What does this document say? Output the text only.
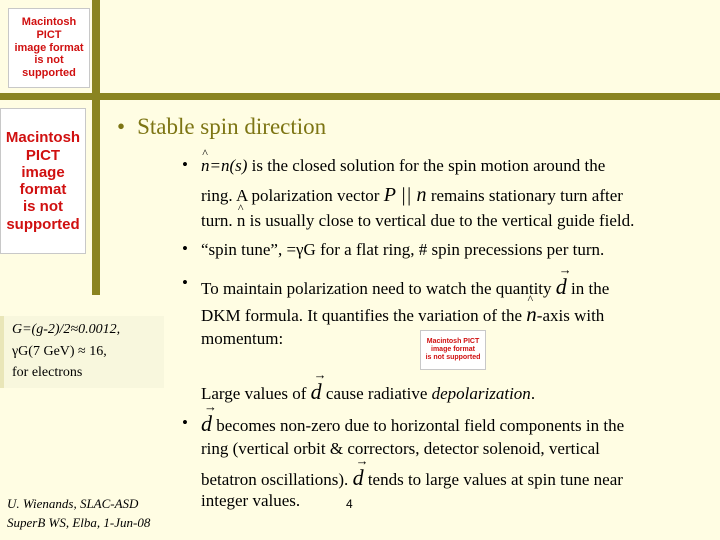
Macintosh PICT
image format
is not supported
Macintosh PICT
image format
is not supported
G=(g-2)/2≈0.0012,
γG(7 GeV) ≈ 16,
for electrons
• Stable spin direction
• ^ n=n(s) is the closed solution for the spin motion around the
ring. A polarization vector P || n remains stationary turn after
turn. ^ n is usually close to vertical due to the vertical guide field.
• “spin tune”, =γG for a flat ring, # spin precessions per turn.
• To maintain polarization need to watch the quantity → d in the
DKM formula. It quantifies the variation of the ^ n-axis with
momentum:	Macintosh PICT
image format
is not supported
Large values of → d cause radiative depolarization.
• → d becomes non-zero due to horizontal field components in the
ring (vertical orbit & correctors, detector solenoid, vertical
betatron oscillations). → d tends to large values at spin tune near
integer values.	4
U. Wienands, SLAC-ASD
SuperB WS, Elba, 1-Jun-08
